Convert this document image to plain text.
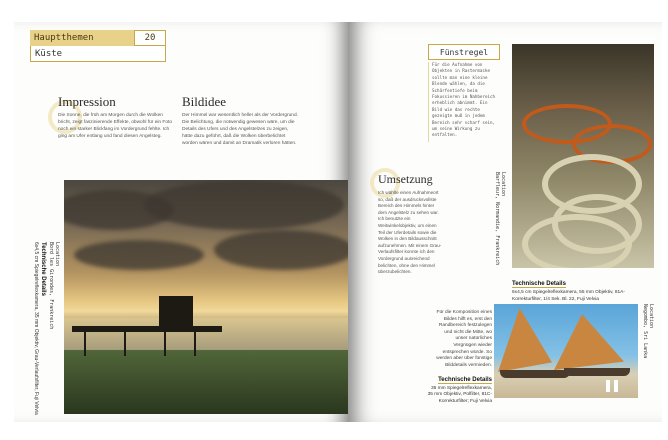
Hauptthemen	20
Küste
Impression
Die Sonne, die früh am Morgen durch die Wolken bricht, zeigt faszinierende Effekte, obwohl für ein Foto noch ein starker Blickfang im Vordergrund fehlte. Ich ging am Ufer entlang und fand diesen Angelsteg.
Bildidee
Der Himmel war wesentlich heller als der Vordergrund. Die Belichtung, die notwendig gewesen wäre, um die Details des Ufers und des Angelstelzes zu zeigen, hätte dazu geführt, daß die Wolken überbelichtet worden wären und damit an Dramatik verloren hätten.
Location
Bord les Girondes, Frankreich
Technische Details
6x4,5 cm Spiegelreflexkamera, 35 mm Objektiv, Grau-Verlaufsfilter, Fuji Velvia
Fünstregel
Für die Aufnahme von Objekten in Rastermaske sollte man eine kleine Blende wählen, da die Schärfentiefe beim Fokussieren im Nahbereich erheblich abnimmt. Ein Bild wie das rechte gezeigte muß in jedem Bereich sehr scharf sein, um seine Wirkung zu entfalten.
Umsetzung
Ich wählte einen Aufnahmeort so, daß der ausdrucksvollste Bereich des Himmels hinter dem Angelstelz zu sehen war. Ich benutzte ein Weitwinkelobjektiv, um einen Teil der Uferdetails sowie die Wolken in den Bildausschnitt aufzunehmen. Mit einem Grau-Verlaufsfilter konnte ich den Vordergrund ausreichend belichten, ohne den Himmel überzubelichten.
Location
Barfleur, Normandie, Frankreich
Technische Details
6x4,5 cm Spiegelreflexkamera, 55 mm Objektiv, 81A-Korrekturfilter, 1/4 Sek. Bl. 22, Fuji Velvia
Für die Komposition eines Bildes hilft es, erst den Randbereich festzulegen und nicht die Mitte, wo unser natürliches Vergnügen wieder entsprechen würde. So werden aber über fünstige Bilddetails vermieden.
Technische Details
35 mm Spiegelreflexkamera, 35 mm Objektiv, Polfilter, 81C-Korrekturfilter; Fuji Velvia
Location
Negombo, Sri Lanka
